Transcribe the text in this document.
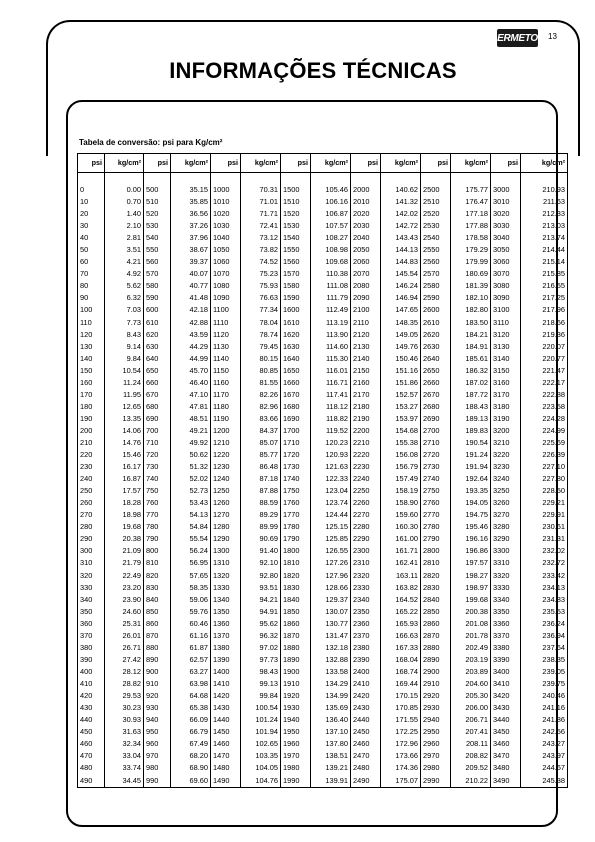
ERMETO 13
INFORMAÇÕES TÉCNICAS
Tabela de conversão: psi para Kg/cm²
psi	kg/cm²	psi	kg/cm²	psi	kg/cm²	psi	kg/cm²	psi	kg/cm²	psi	kg/cm²	psi	kg/cm²

0	0.00	500	35.15	1000	70.31	1500	105.46	2000	140.62	2500	175.77	3000	210.93
10	0.70	510	35.85	1010	71.01	1510	106.16	2010	141.32	2510	176.47	3010	211.63
20	1.40	520	36.56	1020	71.71	1520	106.87	2020	142.02	2520	177.18	3020	212.33
30	2.10	530	37.26	1030	72.41	1530	107.57	2030	142.72	2530	177.88	3030	213.03
40	2.81	540	37.96	1040	73.12	1540	108.27	2040	143.43	2540	178.58	3040	213.74
50	3.51	550	38.67	1050	73.82	1550	108.98	2050	144.13	2550	179.29	3050	214.44
60	4.21	560	39.37	1060	74.52	1560	109.68	2060	144.83	2560	179.99	3060	215.14
70	4.92	570	40.07	1070	75.23	1570	110.38	2070	145.54	2570	180.69	3070	215.85
80	5.62	580	40.77	1080	75.93	1580	111.08	2080	146.24	2580	181.39	3080	216.55
90	6.32	590	41.48	1090	76.63	1590	111.79	2090	146.94	2590	182.10	3090	217.25
100	7.03	600	42.18	1100	77.34	1600	112.49	2100	147.65	2600	182.80	3100	217.96
110	7.73	610	42.88	1110	78.04	1610	113.19	2110	148.35	2610	183.50	3110	218.66
120	8.43	620	43.59	1120	78.74	1620	113.90	2120	149.05	2620	184.21	3120	219.36
130	9.14	630	44.29	1130	79.45	1630	114.60	2130	149.76	2630	184.91	3130	220.07
140	9.84	640	44.99	1140	80.15	1640	115.30	2140	150.46	2640	185.61	3140	220.77
150	10.54	650	45.70	1150	80.85	1650	116.01	2150	151.16	2650	186.32	3150	221.47
160	11.24	660	46.40	1160	81.55	1660	116.71	2160	151.86	2660	187.02	3160	222.17
170	11.95	670	47.10	1170	82.26	1670	117.41	2170	152.57	2670	187.72	3170	222.88
180	12.65	680	47.81	1180	82.96	1680	118.12	2180	153.27	2680	188.43	3180	223.58
190	13.35	690	48.51	1190	83.66	1690	118.82	2190	153.97	2690	189.13	3190	224.28
200	14.06	700	49.21	1200	84.37	1700	119.52	2200	154.68	2700	189.83	3200	224.99
210	14.76	710	49.92	1210	85.07	1710	120.23	2210	155.38	2710	190.54	3210	225.69
220	15.46	720	50.62	1220	85.77	1720	120.93	2220	156.08	2720	191.24	3220	226.39
230	16.17	730	51.32	1230	86.48	1730	121.63	2230	156.79	2730	191.94	3230	227.10
240	16.87	740	52.02	1240	87.18	1740	122.33	2240	157.49	2740	192.64	3240	227.80
250	17.57	750	52.73	1250	87.88	1750	123.04	2250	158.19	2750	193.35	3250	228.50
260	18.28	760	53.43	1260	88.59	1760	123.74	2260	158.90	2760	194.05	3260	229.21
270	18.98	770	54.13	1270	89.29	1770	124.44	2270	159.60	2770	194.75	3270	229.91
280	19.68	780	54.84	1280	89.99	1780	125.15	2280	160.30	2780	195.46	3280	230.61
290	20.38	790	55.54	1290	90.69	1790	125.85	2290	161.00	2790	196.16	3290	231.31
300	21.09	800	56.24	1300	91.40	1800	126.55	2300	161.71	2800	196.86	3300	232.02
310	21.79	810	56.95	1310	92.10	1810	127.26	2310	162.41	2810	197.57	3310	232.72
320	22.49	820	57.65	1320	92.80	1820	127.96	2320	163.11	2820	198.27	3320	233.42
330	23.20	830	58.35	1330	93.51	1830	128.66	2330	163.82	2830	198.97	3330	234.13
340	23.90	840	59.06	1340	94.21	1840	129.37	2340	164.52	2840	199.68	3340	234.83
350	24.60	850	59.76	1350	94.91	1850	130.07	2350	165.22	2850	200.38	3350	235.53
360	25.31	860	60.46	1360	95.62	1860	130.77	2360	165.93	2860	201.08	3360	236.24
370	26.01	870	61.16	1370	96.32	1870	131.47	2370	166.63	2870	201.78	3370	236.94
380	26.71	880	61.87	1380	97.02	1880	132.18	2380	167.33	2880	202.49	3380	237.64
390	27.42	890	62.57	1390	97.73	1890	132.88	2390	168.04	2890	203.19	3390	238.35
400	28.12	900	63.27	1400	98.43	1900	133.58	2400	168.74	2900	203.89	3400	239.05
410	28.82	910	63.98	1410	99.13	1910	134.29	2410	169.44	2910	204.60	3410	239.75
420	29.53	920	64.68	1420	99.84	1920	134.99	2420	170.15	2920	205.30	3420	240.46
430	30.23	930	65.38	1430	100.54	1930	135.69	2430	170.85	2930	206.00	3430	241.16
440	30.93	940	66.09	1440	101.24	1940	136.40	2440	171.55	2940	206.71	3440	241.86
450	31.63	950	66.79	1450	101.94	1950	137.10	2450	172.25	2950	207.41	3450	242.56
460	32.34	960	67.49	1460	102.65	1960	137.80	2460	172.96	2960	208.11	3460	243.27
470	33.04	970	68.20	1470	103.35	1970	138.51	2470	173.66	2970	208.82	3470	243.97
480	33.74	980	68.90	1480	104.05	1980	139.21	2480	174.36	2980	209.52	3480	244.67
490	34.45	990	69.60	1490	104.76	1990	139.91	2490	175.07	2990	210.22	3490	245.38
